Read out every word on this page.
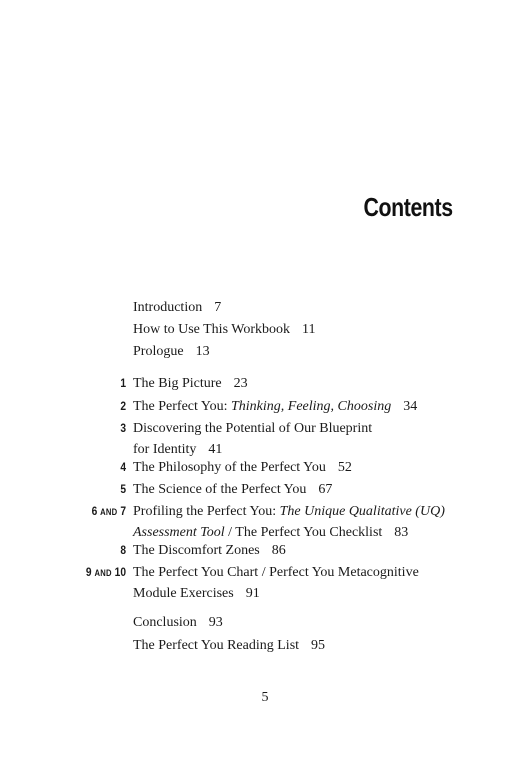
Contents
Introduction 7
How to Use This Workbook 11
Prologue 13
1 The Big Picture 23
2 The Perfect You: Thinking, Feeling, Choosing 34
3 Discovering the Potential of Our Blueprint
for Identity 41
4 The Philosophy of the Perfect You 52
5 The Science of the Perfect You 67
6 AND 7 Profiling the Perfect You: The Unique Qualitative (UQ)
Assessment Tool / The Perfect You Checklist 83
8 The Discomfort Zones 86
9 AND 10 The Perfect You Chart / Perfect You Metacognitive
Module Exercises 91
Conclusion 93
The Perfect You Reading List 95
5
